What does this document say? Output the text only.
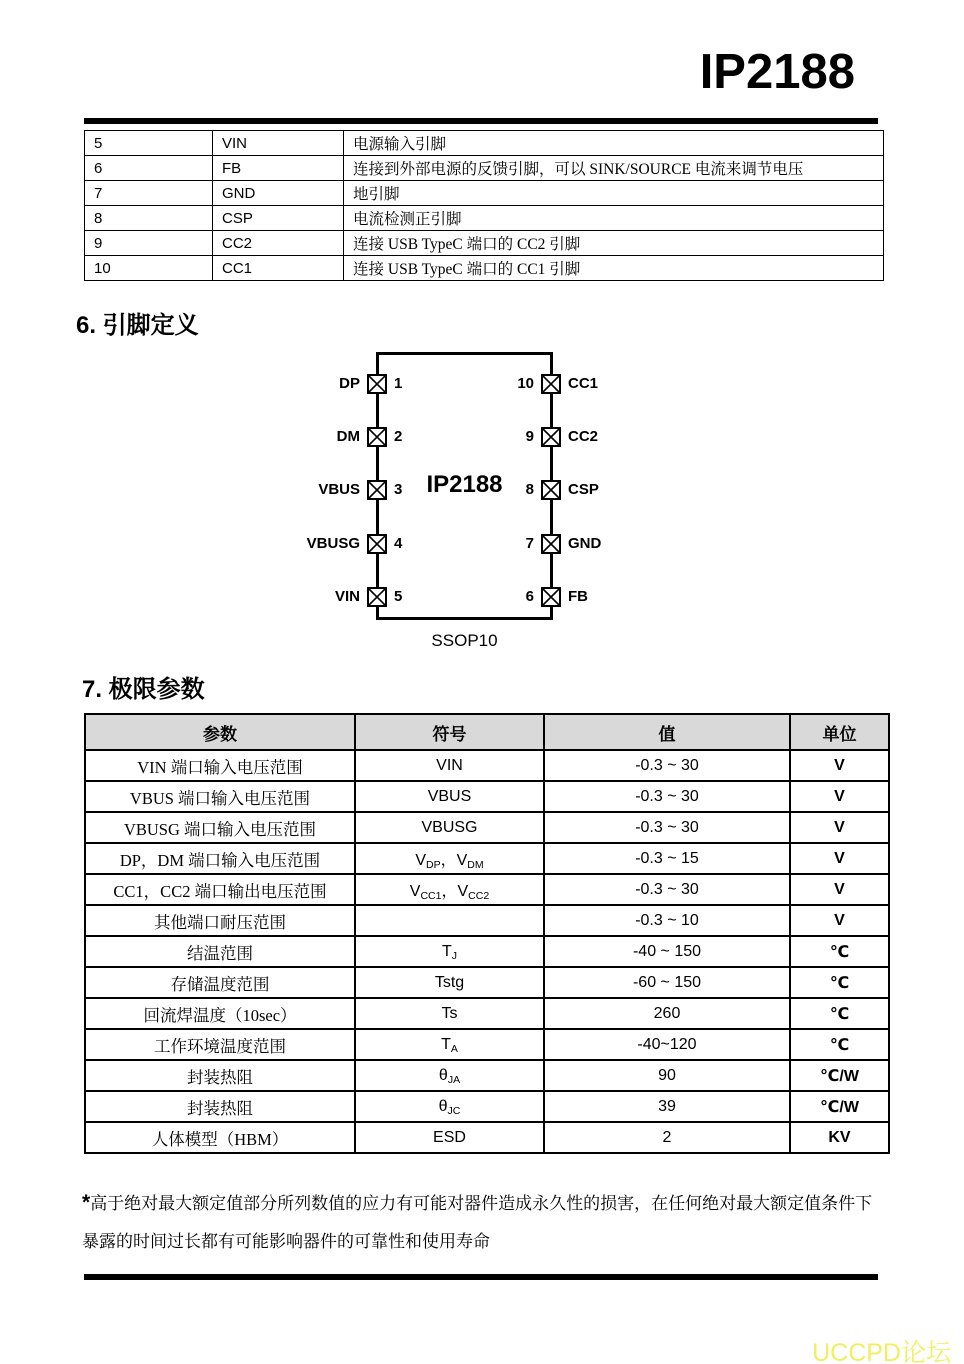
IP2188
5	VIN	电源输入引脚
6	FB	连接到外部电源的反馈引脚，可以 SINK/SOURCE 电流来调节电压
7	GND	地引脚
8	CSP	电流检测正引脚
9	CC2	连接 USB TypeC 端口的 CC2 引脚
10	CC1	连接 USB TypeC 端口的 CC1 引脚
6. 引脚定义
IP2188
SSOP10
DP 1
DM 2
VBUS 3
VBUSG 4
VIN 5
10 CC1
9 CC2
8 CSP
7 GND
6 FB
7. 极限参数
参数	符号	值	单位
VIN 端口输入电压范围	VIN	-0.3 ~ 30	V
VBUS 端口输入电压范围	VBUS	-0.3 ~ 30	V
VBUSG 端口输入电压范围	VBUSG	-0.3 ~ 30	V
DP，DM 端口输入电压范围	$V_{DP}$，$V_{DM}$	-0.3 ~ 15	V
CC1，CC2 端口输出电压范围	$V_{CC1}$，$V_{CC2}$	-0.3 ~ 30	V
其他端口耐压范围		-0.3 ~ 10	V
结温范围	$T_J$	-40 ~ 150	℃
存储温度范围	Tstg	-60 ~ 150	℃
回流焊温度（10sec）	Ts	260	℃
工作环境温度范围	$T_A$	-40~120	℃
封装热阻	$\theta_{JA}$	90	℃/W
封装热阻	$\theta_{JC}$	39	℃/W
人体模型（HBM）	ESD	2	KV

*高于绝对最大额定值部分所列数值的应力有可能对器件造成永久性的损害，在任何绝对最大额定值条件下
暴露的时间过长都有可能影响器件的可靠性和使用寿命

UCCPD论坛
